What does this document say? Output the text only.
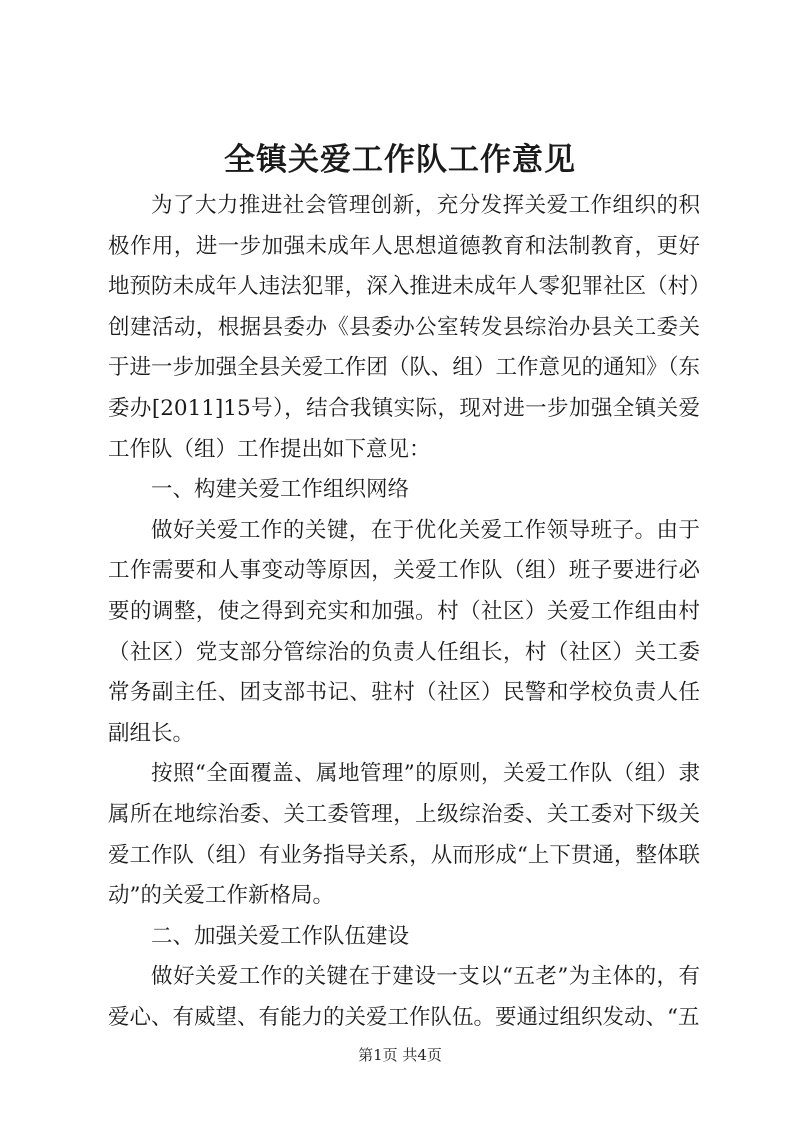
全镇关爱工作队工作意见

为了大力推进社会管理创新，充分发挥关爱工作组织的积极作用，进一步加强未成年人思想道德教育和法制教育，更好地预防未成年人违法犯罪，深入推进未成年人零犯罪社区（村）创建活动，根据县委办《县委办公室转发县综治办县关工委关于进一步加强全县关爱工作团（队、组）工作意见的通知》（东委办[2011]15号），结合我镇实际，现对进一步加强全镇关爱工作队（组）工作提出如下意见：

一、构建关爱工作组织网络

做好关爱工作的关键，在于优化关爱工作领导班子。由于工作需要和人事变动等原因，关爱工作队（组）班子要进行必要的调整，使之得到充实和加强。村（社区）关爱工作组由村（社区）党支部分管综治的负责人任组长，村（社区）关工委常务副主任、团支部书记、驻村（社区）民警和学校负责人任副组长。

按照“全面覆盖、属地管理”的原则，关爱工作队（组）隶属所在地综治委、关工委管理，上级综治委、关工委对下级关爱工作队（组）有业务指导关系，从而形成“上下贯通，整体联动”的关爱工作新格局。

二、加强关爱工作队伍建设

做好关爱工作的关键在于建设一支以“五老”为主体的，有爱心、有威望、有能力的关爱工作队伍。要通过组织发动、“五

第1页 共4页
